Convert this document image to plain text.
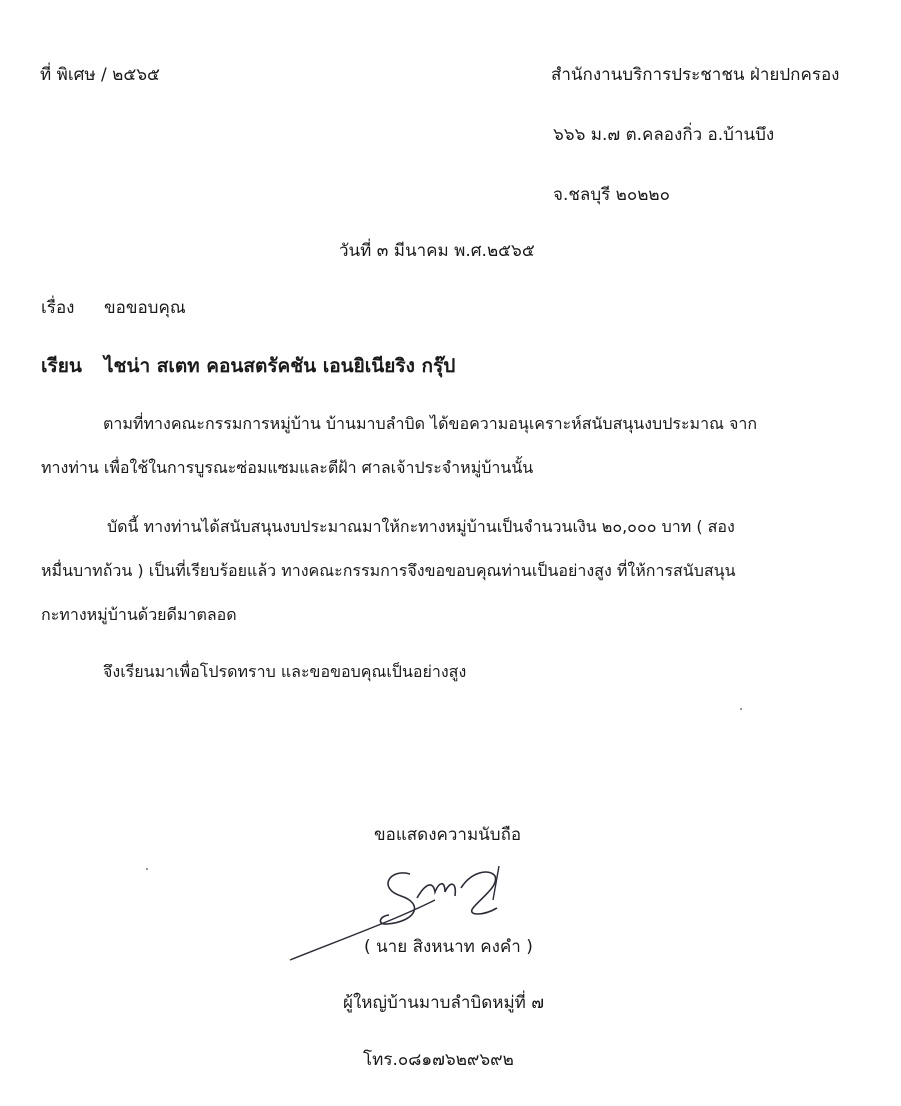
ที่ พิเศษ / ๒๕๖๕	สำนักงานบริการประชาชน ฝ่ายปกครอง
๖๖๖ ม.๗ ต.คลองกิ่ว อ.บ้านบึง
จ.ชลบุรี ๒๐๒๒๐
วันที่ ๓ มีนาคม พ.ศ.๒๕๖๕
เรื่อง ขอขอบคุณ
เรียน ไชน่า สเตท คอนสตรัคชัน เอนยิเนียริง กรุ๊ป
ตามที่ทางคณะกรรมการหมู่บ้าน บ้านมาบลำบิด ได้ขอความอนุเคราะห์สนับสนุนงบประมาณ จาก
ทางท่าน เพื่อใช้ในการบูรณะซ่อมแซมและตีฝ้า ศาลเจ้าประจำหมู่บ้านนั้น
บัดนี้ ทางท่านได้สนับสนุนงบประมาณมาให้กะทางหมู่บ้านเป็นจำนวนเงิน ๒๐,๐๐๐ บาท ( สอง
หมื่นบาทถ้วน ) เป็นที่เรียบร้อยแล้ว ทางคณะกรรมการจึงขอขอบคุณท่านเป็นอย่างสูง ที่ให้การสนับสนุน
กะทางหมู่บ้านด้วยดีมาตลอด
จึงเรียนมาเพื่อโปรดทราบ และขอขอบคุณเป็นอย่างสูง
ขอแสดงความนับถือ
( นาย สิงหนาท คงคำ )
ผู้ใหญ่บ้านมาบลำบิดหมู่ที่ ๗
โทร.๐๘๑๗๖๒๙๖๙๒
